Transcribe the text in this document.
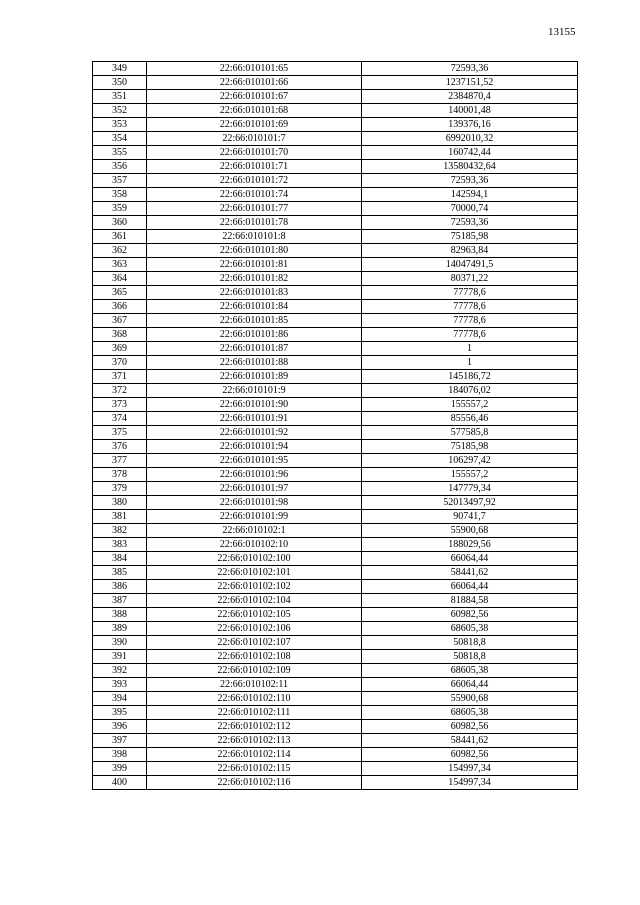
13155
349	22:66:010101:65	72593,36
350	22:66:010101:66	1237151,52
351	22:66:010101:67	2384870,4
352	22:66:010101:68	140001,48
353	22:66:010101:69	139376,16
354	22:66:010101:7	6992010,32
355	22:66:010101:70	160742,44
356	22:66:010101:71	13580432,64
357	22:66:010101:72	72593,36
358	22:66:010101:74	142594,1
359	22:66:010101:77	70000,74
360	22:66:010101:78	72593,36
361	22:66:010101:8	75185,98
362	22:66:010101:80	82963,84
363	22:66:010101:81	14047491,5
364	22:66:010101:82	80371,22
365	22:66:010101:83	77778,6
366	22:66:010101:84	77778,6
367	22:66:010101:85	77778,6
368	22:66:010101:86	77778,6
369	22:66:010101:87	1
370	22:66:010101:88	1
371	22:66:010101:89	145186,72
372	22:66:010101:9	184076,02
373	22:66:010101:90	155557,2
374	22:66:010101:91	85556,46
375	22:66:010101:92	577585,8
376	22:66:010101:94	75185,98
377	22:66:010101:95	106297,42
378	22:66:010101:96	155557,2
379	22:66:010101:97	147779,34
380	22:66:010101:98	52013497,92
381	22:66:010101:99	90741,7
382	22:66:010102:1	55900,68
383	22:66:010102:10	188029,56
384	22:66:010102:100	66064,44
385	22:66:010102:101	58441,62
386	22:66:010102:102	66064,44
387	22:66:010102:104	81884,58
388	22:66:010102:105	60982,56
389	22:66:010102:106	68605,38
390	22:66:010102:107	50818,8
391	22:66:010102:108	50818,8
392	22:66:010102:109	68605,38
393	22:66:010102:11	66064,44
394	22:66:010102:110	55900,68
395	22:66:010102:111	68605,38
396	22:66:010102:112	60982,56
397	22:66:010102:113	58441,62
398	22:66:010102:114	60982,56
399	22:66:010102:115	154997,34
400	22:66:010102:116	154997,34
